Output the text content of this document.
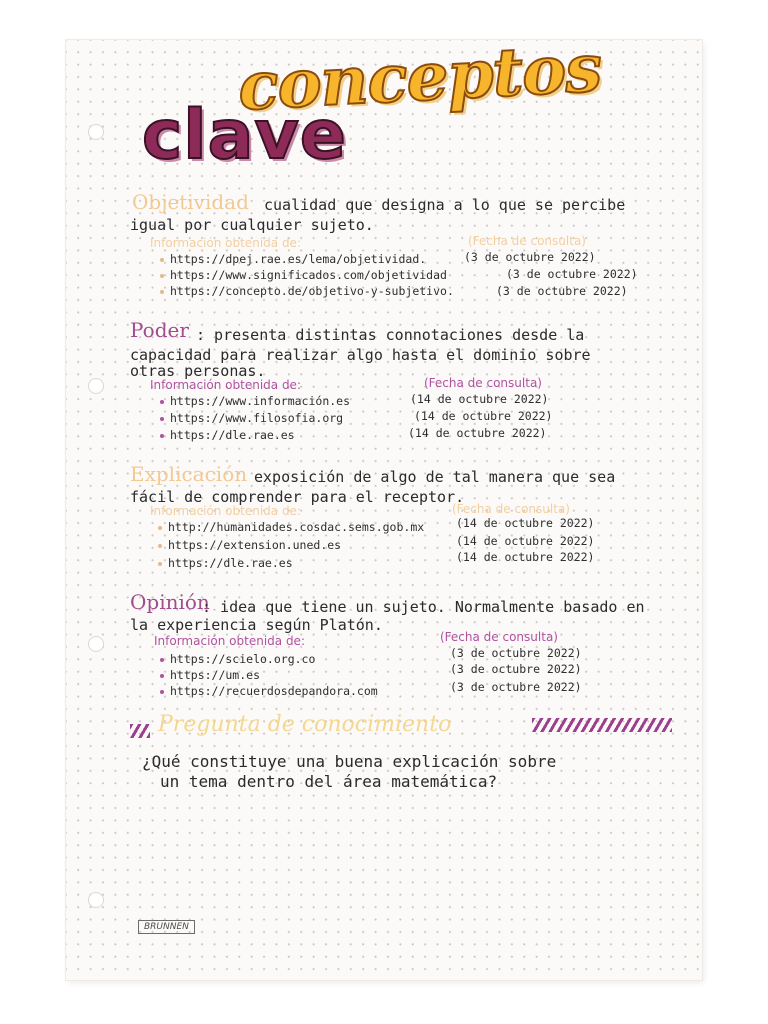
conceptos
clave
Objetividad cualidad que designa a lo que se percibe
igual por cualquier sujeto.
Información obtenida de:	(Fecha de consulta)
https://dpej.rae.es/lema/objetividad.	(3 de octubre 2022)
https://www.significados.com/objetividad	(3 de octubre 2022)
https://concepto.de/objetivo-y-subjetivo.	(3 de octubre 2022)
Poder : presenta distintas connotaciones desde la
capacidad para realizar algo hasta el dominio sobre
otras personas.
Información obtenida de:	(Fecha de consulta)
https://www.información.es	(14 de octubre 2022)
https://www.filosofia.org	(14 de octubre 2022)
https://dle.rae.es	(14 de octubre 2022)
Explicación exposición de algo de tal manera que sea
fácil de comprender para el receptor.
Información obtenida de:	(Fecha de consulta)
http://humanidades.cosdac.sems.gob.mx	(14 de octubre 2022)
https://extension.uned.es	(14 de octubre 2022)
https://dle.rae.es	(14 de octubre 2022)
Opinión
: idea que tiene un sujeto. Normalmente basado en
la experiencia según Platón.
Información obtenida de:	(Fecha de consulta)
https://scielo.org.co	(3 de octubre 2022)
https://um.es	(3 de octubre 2022)
https://recuerdosdepandora.com	(3 de octubre 2022)
Pregunta de conocimiento
¿Qué constituye una buena explicación sobre
un tema dentro del área matemática?
BRUNNEN
